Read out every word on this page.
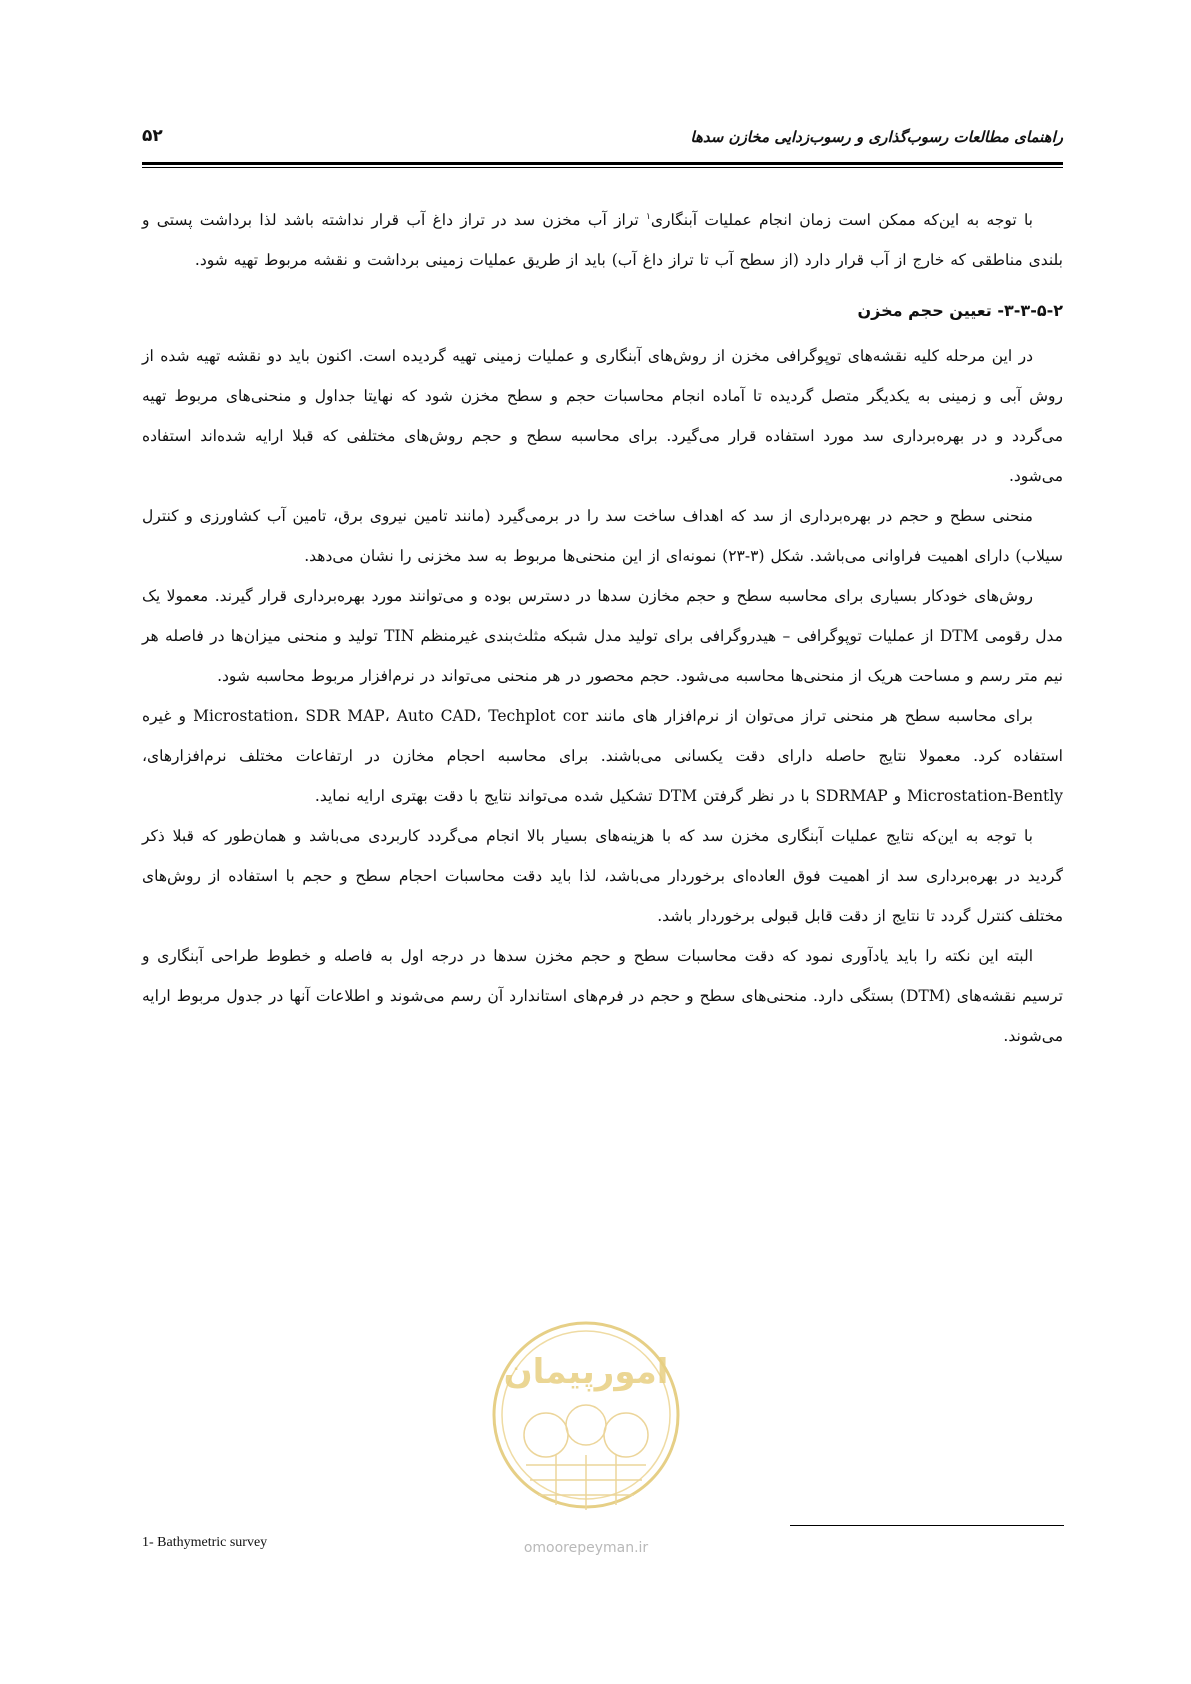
راهنمای مطالعات رسوب‌گذاری و رسوب‌زدایی مخازن سدها
۵۲

با توجه به این‌که ممکن است زمان انجام عملیات آبنگاری$^۱$ تراز آب مخزن سد در تراز داغ آب قرار نداشته باشد لذا برداشت پستی و بلندی مناطقی که خارج از آب قرار دارد (از سطح آب تا تراز داغ آب) باید از طریق عملیات زمینی برداشت و نقشه مربوط تهیه شود.

۳-۳-۵-۲- تعیین حجم مخزن

در این مرحله کلیه نقشه‌های توپوگرافی مخزن از روش‌های آبنگاری و عملیات زمینی تهیه گردیده است. اکنون باید دو نقشه تهیه شده از روش آبی و زمینی به یکدیگر متصل گردیده تا آماده انجام محاسبات حجم و سطح مخزن شود که نهایتا جداول و منحنی‌های مربوط تهیه می‌گردد و در بهره‌برداری سد مورد استفاده قرار می‌گیرد. برای محاسبه سطح و حجم روش‌های مختلفی که قبلا ارایه شده‌اند استفاده می‌شود.

منحنی سطح و حجم در بهره‌برداری از سد که اهداف ساخت سد را در برمی‌گیرد (مانند تامین نیروی برق، تامین آب کشاورزی و کنترل سیلاب) دارای اهمیت فراوانی می‌باشد. شکل (۳-۲۳) نمونه‌ای از این منحنی‌ها مربوط به سد مخزنی را نشان می‌دهد.

روش‌های خودکار بسیاری برای محاسبه سطح و حجم مخازن سدها در دسترس بوده و می‌توانند مورد بهره‌برداری قرار گیرند. معمولا یک مدل رقومی DTM از عملیات توپوگرافی – هیدروگرافی برای تولید مدل شبکه مثلث‌بندی غیرمنظم TIN تولید و منحنی میزان‌ها در فاصله هر نیم متر رسم و مساحت هریک از منحنی‌ها محاسبه می‌شود. حجم محصور در هر منحنی می‌تواند در نرم‌افزار مربوط محاسبه شود.

برای محاسبه سطح هر منحنی تراز می‌توان از نرم‌افزار های مانند Microstation، SDR MAP، Auto CAD، Techplot cor و غیره استفاده کرد. معمولا نتایج حاصله دارای دقت یکسانی می‌باشند. برای محاسبه احجام مخازن در ارتفاعات مختلف نرم‌افزارهای، Microstation-Bently و SDRMAP با در نظر گرفتن DTM تشکیل شده می‌تواند نتایج با دقت بهتری ارایه نماید.

با توجه به این‌که نتایج عملیات آبنگاری مخزن سد که با هزینه‌های بسیار بالا انجام می‌گردد کاربردی می‌باشد و همان‌طور که قبلا ذکر گردید در بهره‌برداری سد از اهمیت فوق العاده‌ای برخوردار می‌باشد، لذا باید دقت محاسبات احجام سطح و حجم با استفاده از روش‌های مختلف کنترل گردد تا نتایج از دقت قابل قبولی برخوردار باشد.

البته این نکته را باید یادآوری نمود که دقت محاسبات سطح و حجم مخزن سدها در درجه اول به فاصله و خطوط طراحی آبنگاری و ترسیم نقشه‌های (DTM) بستگی دارد. منحنی‌های سطح و حجم در فرم‌های استاندارد آن رسم می‌شوند و اطلاعات آنها در جدول مربوط ارایه می‌شوند.

امورپیمان
omoorepeyman.ir
1- Bathymetric survey
